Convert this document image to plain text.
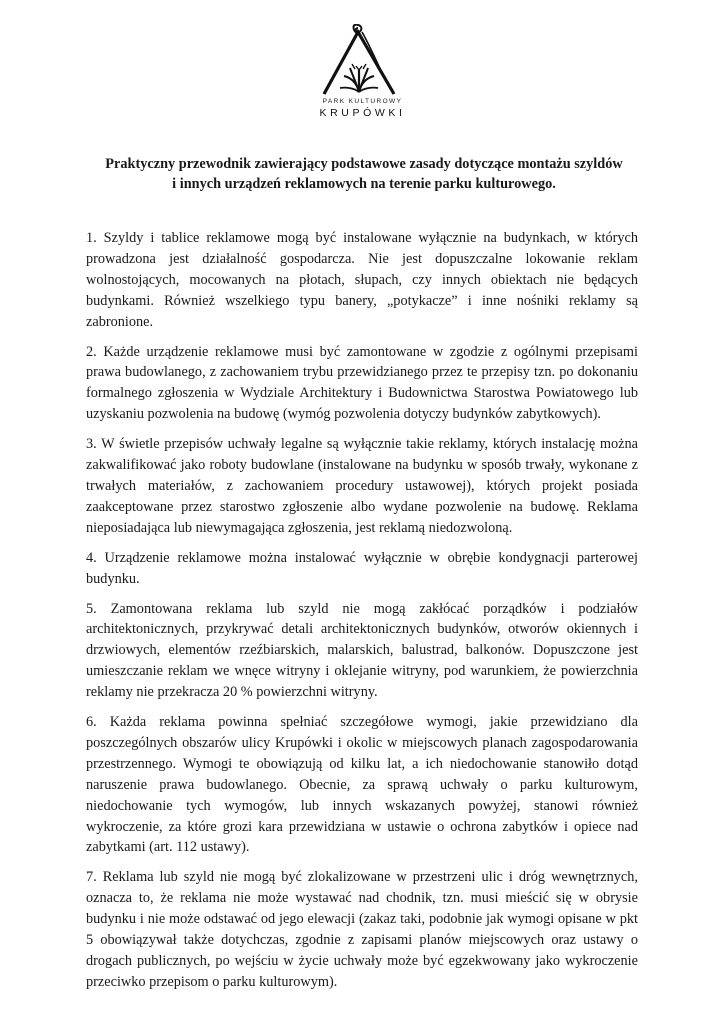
PARK KULTUROWY
KRUPÓWKI
Praktyczny przewodnik zawierający podstawowe zasady dotyczące montażu szyldów
i innych urządzeń reklamowych na terenie parku kulturowego.

1. Szyldy i tablice reklamowe mogą być instalowane wyłącznie na budynkach, w których prowadzona jest działalność gospodarcza. Nie jest dopuszczalne lokowanie reklam wolnostojących, mocowanych na płotach, słupach, czy innych obiektach nie będących budynkami. Również wszelkiego typu banery, „potykacze” i inne nośniki reklamy są zabronione.

2. Każde urządzenie reklamowe musi być zamontowane w zgodzie z ogólnymi przepisami prawa budowlanego, z zachowaniem trybu przewidzianego przez te przepisy tzn. po dokonaniu formalnego zgłoszenia w Wydziale Architektury i Budownictwa Starostwa Powiatowego lub uzyskaniu pozwolenia na budowę (wymóg pozwolenia dotyczy budynków zabytkowych).

3. W świetle przepisów uchwały legalne są wyłącznie takie reklamy, których instalację można zakwalifikować jako roboty budowlane (instalowane na budynku w sposób trwały, wykonane z trwałych materiałów, z zachowaniem procedury ustawowej), których projekt posiada zaakceptowane przez starostwo zgłoszenie albo wydane pozwolenie na budowę. Reklama nieposiadająca lub niewymagająca zgłoszenia, jest reklamą niedozwoloną.

4. Urządzenie reklamowe można instalować wyłącznie w obrębie kondygnacji parterowej budynku.

5. Zamontowana reklama lub szyld nie mogą zakłócać porządków i podziałów architektonicznych, przykrywać detali architektonicznych budynków, otworów okiennych i drzwiowych, elementów rzeźbiarskich, malarskich, balustrad, balkonów. Dopuszczone jest umieszczanie reklam we wnęce witryny i oklejanie witryny, pod warunkiem, że powierzchnia reklamy nie przekracza 20 % powierzchni witryny.

6. Każda reklama powinna spełniać szczegółowe wymogi, jakie przewidziano dla poszczególnych obszarów ulicy Krupówki i okolic w miejscowych planach zagospodarowania przestrzennego. Wymogi te obowiązują od kilku lat, a ich niedochowanie stanowiło dotąd naruszenie prawa budowlanego. Obecnie, za sprawą uchwały o parku kulturowym, niedochowanie tych wymogów, lub innych wskazanych powyżej, stanowi również wykroczenie, za które grozi kara przewidziana w ustawie o ochrona zabytków i opiece nad zabytkami (art. 112 ustawy).

7. Reklama lub szyld nie mogą być zlokalizowane w przestrzeni ulic i dróg wewnętrznych, oznacza to, że reklama nie może wystawać nad chodnik, tzn. musi mieścić się w obrysie budynku i nie może odstawać od jego elewacji (zakaz taki, podobnie jak wymogi opisane w pkt 5 obowiązywał także dotychczas, zgodnie z zapisami planów miejscowych oraz ustawy o drogach publicznych, po wejściu w życie uchwały może być egzekwowany jako wykroczenie przeciwko przepisom o parku kulturowym).
